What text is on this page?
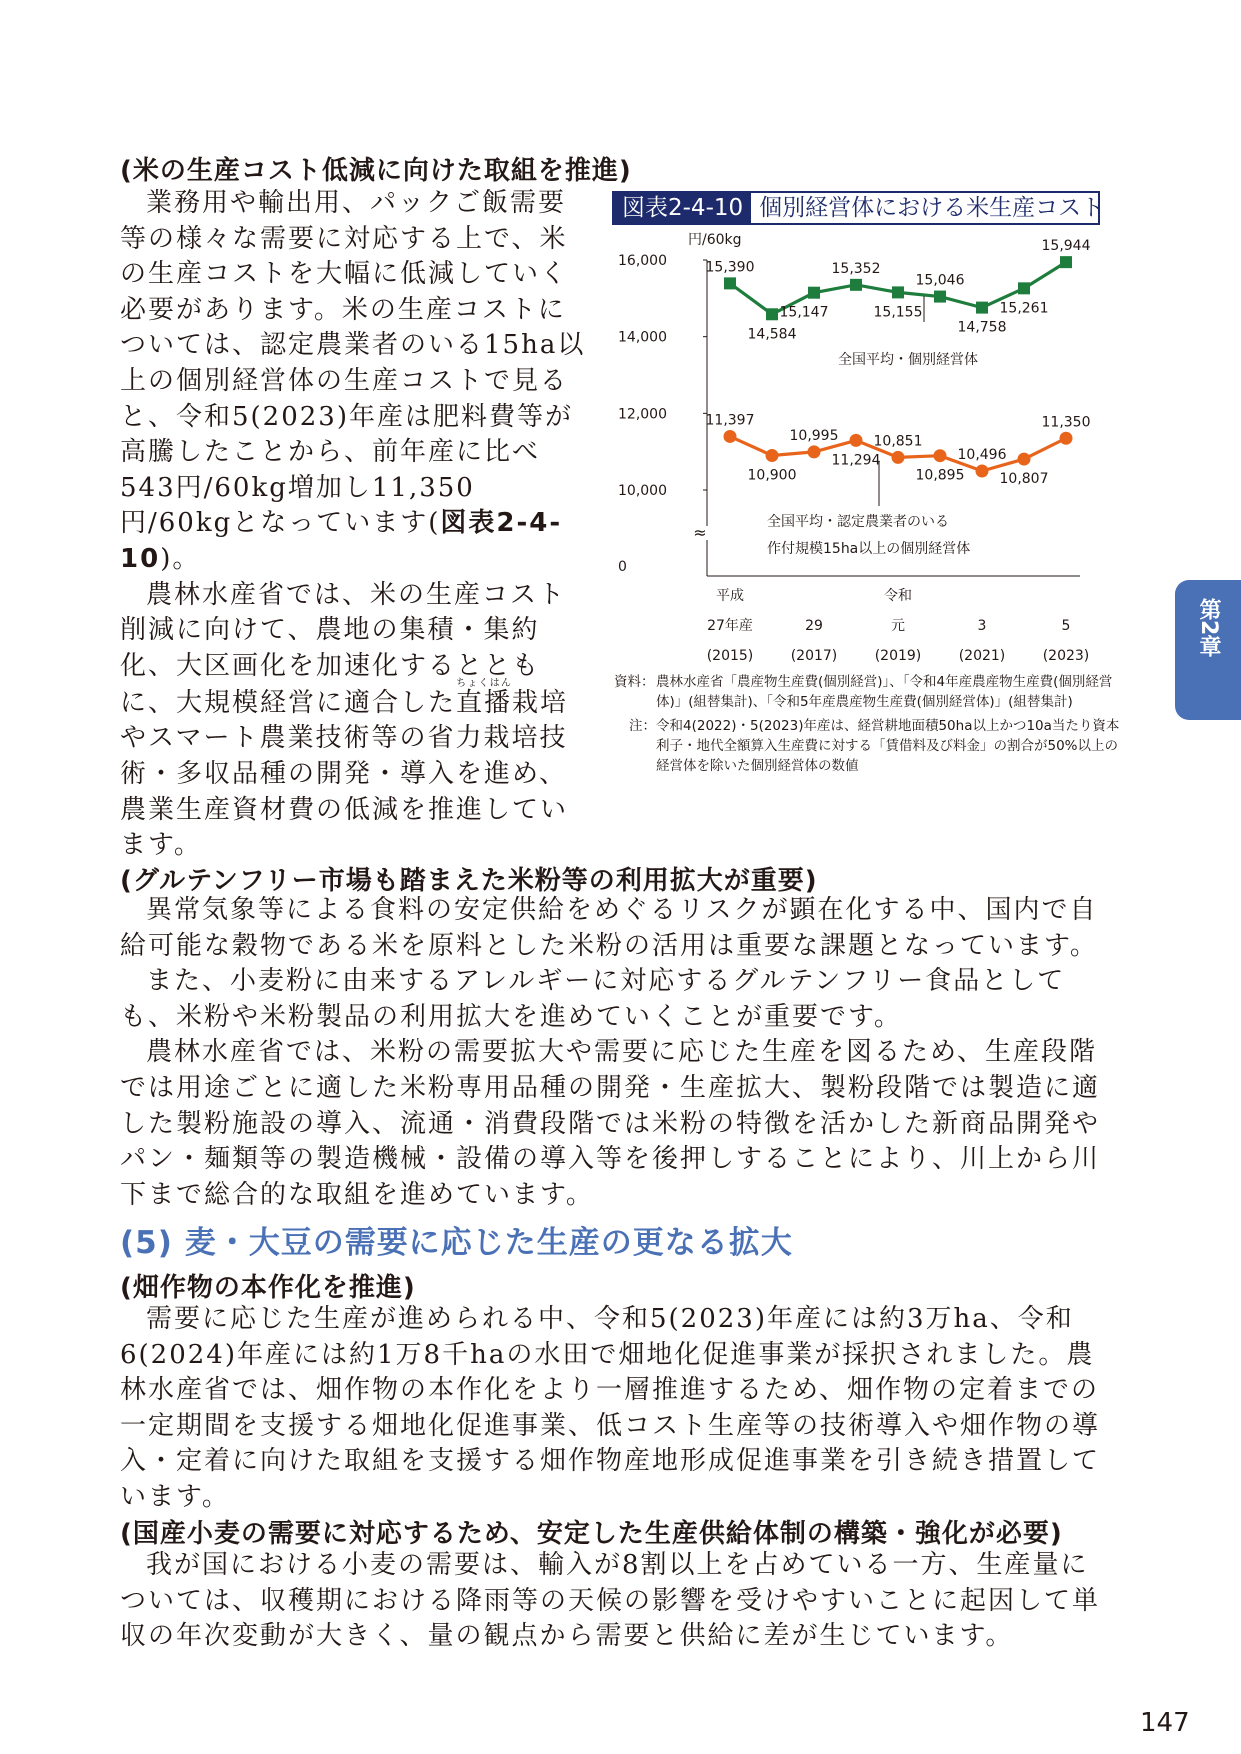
(米の生産コスト低減に向けた取組を推進)

業務用や輸出用、パックご飯需要等の様々な需要に対応する上で、米の生産コストを大幅に低減していく必要があります。米の生産コストについては、認定農業者のいる15ha以上の個別経営体の生産コストで見ると、令和5(2023)年産は肥料費等が高騰したことから、前年産に比べ543円/60kg増加し11,350円/60kgとなっています(図表2-4-10)。

農林水産省では、米の生産コスト削減に向けて、農地の集積・集約化、大区画化を加速化するとともに、大規模経営に適合した直播ちょくはん栽培やスマート農業技術等の省力栽培技術・多収品種の開発・導入を進め、農業生産資材費の低減を推進しています。

図表2-4-10 個別経営体における米生産コスト
円/60kg
≈
16,000
14,000
12,000
10,000
0
平成
27年産
(2015)
29
(2017)
令和
元
(2019)
3
(2021)
5
(2023)
15,390
14,584
15,147
15,352
15,155
15,046
14,758
15,261
15,944
11,397
10,900
10,995
11,294
10,851
10,895
10,496
10,807
11,350
全国平均・個別経営体
全国平均・認定農業者のいる
作付規模15ha以上の個別経営体
資料： 農林水産省「農産物生産費(個別経営)」、「令和4年産農産物生産費(個別経営体)」(組替集計)、「令和5年産農産物生産費(個別経営体)」(組替集計)
注： 令和4(2022)・5(2023)年産は、経営耕地面積50ha以上かつ10a当たり資本利子・地代全額算入生産費に対する「賃借料及び料金」の割合が50%以上の経営体を除いた個別経営体の数値
第2章
(グルテンフリー市場も踏まえた米粉等の利用拡大が重要)

異常気象等による食料の安定供給をめぐるリスクが顕在化する中、国内で自給可能な穀物である米を原料とした米粉の活用は重要な課題となっています。

また、小麦粉に由来するアレルギーに対応するグルテンフリー食品としても、米粉や米粉製品の利用拡大を進めていくことが重要です。

農林水産省では、米粉の需要拡大や需要に応じた生産を図るため、生産段階では用途ごとに適した米粉専用品種の開発・生産拡大、製粉段階では製造に適した製粉施設の導入、流通・消費段階では米粉の特徴を活かした新商品開発やパン・麺類等の製造機械・設備の導入等を後押しすることにより、川上から川下まで総合的な取組を進めています。

(5) 麦・大豆の需要に応じた生産の更なる拡大
(畑作物の本作化を推進)

需要に応じた生産が進められる中、令和5(2023)年産には約3万ha、令和6(2024)年産には約1万8千haの水田で畑地化促進事業が採択されました。農林水産省では、畑作物の本作化をより一層推進するため、畑作物の定着までの一定期間を支援する畑地化促進事業、低コスト生産等の技術導入や畑作物の導入・定着に向けた取組を支援する畑作物産地形成促進事業を引き続き措置しています。

(国産小麦の需要に対応するため、安定した生産供給体制の構築・強化が必要)

我が国における小麦の需要は、輸入が8割以上を占めている一方、生産量については、収穫期における降雨等の天候の影響を受けやすいことに起因して単収の年次変動が大きく、量の観点から需要と供給に差が生じています。

147
